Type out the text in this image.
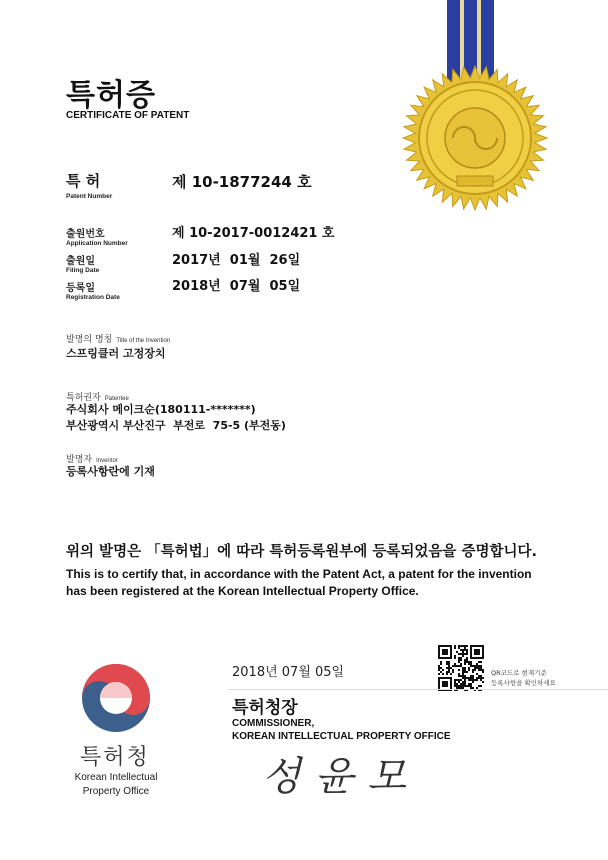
특허증
CERTIFICATE OF PATENT
특 허
Patent Number
제 10-1877244 호
출원번호
Application Number
제 10-2017-0012421 호
출원일
Filing Date
2017년  01월  26일
등록일
Registration Date
2018년  07월  05일
발명의 명칭 Title of the Invention
스프링클러 고정장치
특허권자 Patentee
주식회사 메이크순(180111-*******)
부산광역시 부산진구  부전로  75-5 (부전동)
발명자 Inventor
등록사항란에 기재
위의 발명은 「특허법」에 따라 특허등록원부에 등록되었음을 증명합니다.
This is to certify that, in accordance with the Patent Act, a patent for the invention
has been registered at the Korean Intellectual Property Office.
특허청
Korean Intellectual
Property Office
2018년 07월 05일	QR코드로 현재기준
등록사항을 확인하세요
특허청장
COMMISSIONER,
KOREAN INTELLECTUAL PROPERTY OFFICE
성윤모
